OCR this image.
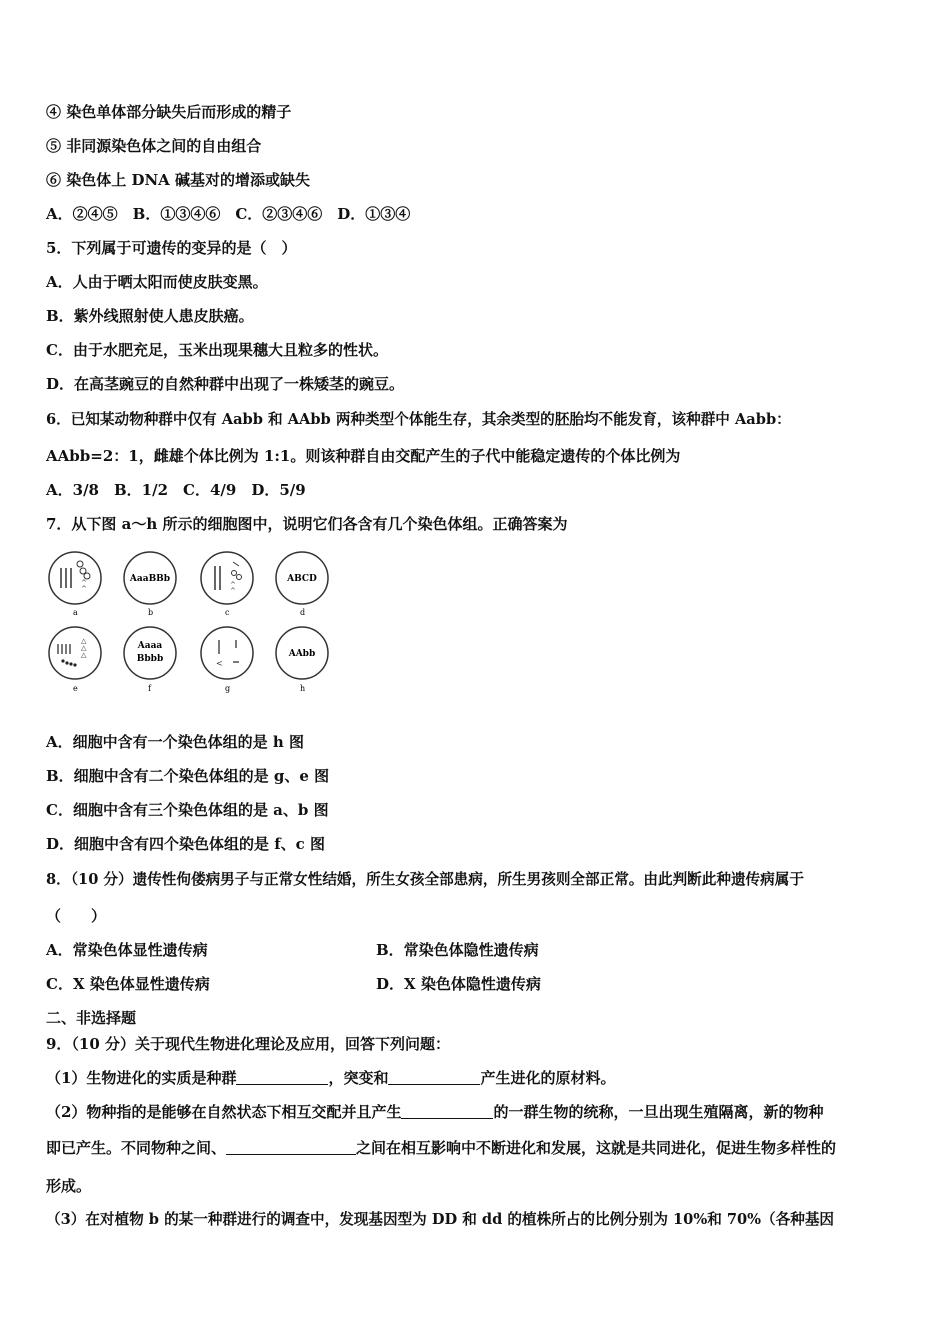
④ 染色单体部分缺失后而形成的精子
⑤ 非同源染色体之间的自由组合
⑥ 染色体上 DNA 碱基对的增添或缺失
A．②④⑤　B．①③④⑥　C．②③④⑥　D．①③④
5．下列属于可遗传的变异的是（　）
A．人由于晒太阳而使皮肤变黑。
B．紫外线照射使人患皮肤癌。
C．由于水肥充足，玉米出现果穗大且粒多的性状。
D．在高茎豌豆的自然种群中出现了一株矮茎的豌豆。
6．已知某动物种群中仅有 Aabb 和 AAbb 两种类型个体能生存，其余类型的胚胎均不能发育，该种群中 Aabb：
AAbb=2：1，雌雄个体比例为 1:1。则该种群自由交配产生的子代中能稳定遗传的个体比例为
A．3/8　B．1/2　C．4/9　D．5/9
7．从下图 a～h 所示的细胞图中，说明它们各含有几个染色体组。正确答案为
^
^
a
AaaBBb
b
^
^
c
ABCD
d
△
△
△
e
Aaaa
Bbbb
f
<
g
AAbb
h
A．细胞中含有一个染色体组的是 h 图
B．细胞中含有二个染色体组的是 g、e 图
C．细胞中含有三个染色体组的是 a、b 图
D．细胞中含有四个染色体组的是 f、c 图
8．（10 分）遗传性佝偻病男子与正常女性结婚，所生女孩全部患病，所生男孩则全部正常。由此判断此种遗传病属于
（　　）
A．常染色体显性遗传病	B．常染色体隐性遗传病
C．X 染色体显性遗传病	D．X 染色体隐性遗传病
二、非选择题
9．（10 分）关于现代生物进化理论及应用，回答下列问题：
（1）生物进化的实质是种群	，突变和	产生进化的原材料。
（2）物种指的是能够在自然状态下相互交配并且产生	的一群生物的统称，一旦出现生殖隔离，新的物种
即已产生。不同物种之间、	之间在相互影响中不断进化和发展，这就是共同进化，促进生物多样性的
形成。
（3）在对植物 b 的某一种群进行的调查中，发现基因型为 DD 和 dd 的植株所占的比例分别为 10%和 70%（各种基因
